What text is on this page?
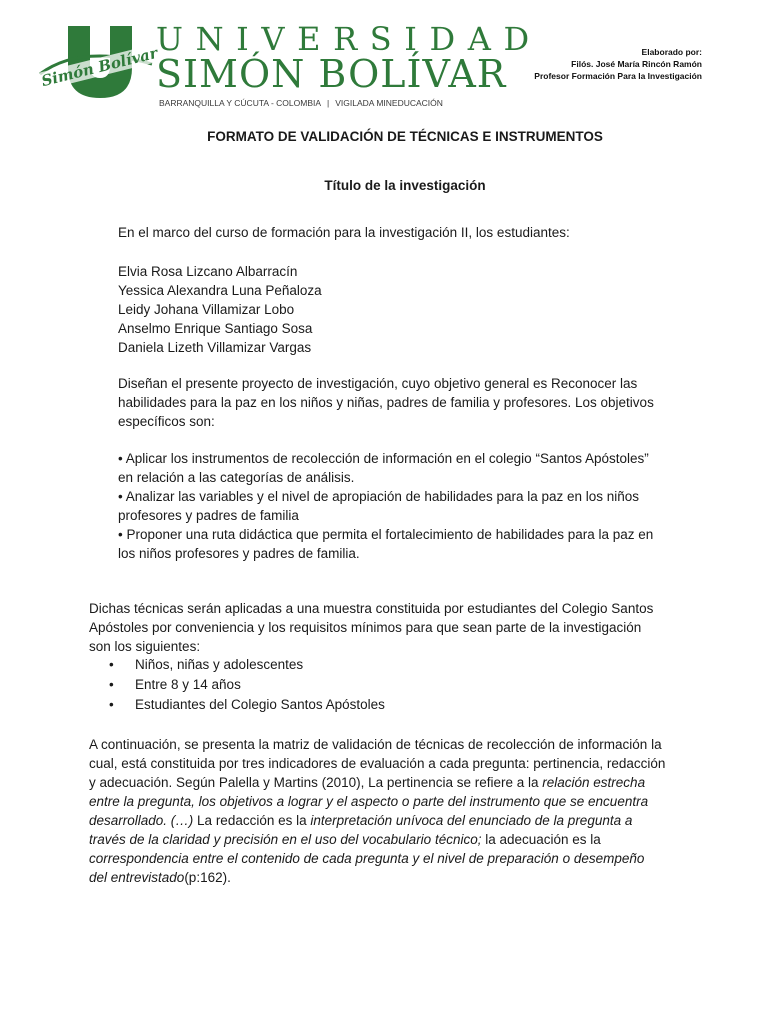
Simón Bolívar
UNIVERSIDAD
SIMÓN BOLÍVAR
BARRANQUILLA Y CÚCUTA - COLOMBIA | VIGILADA MINEDUCACIÓN
Elaborado por:
Filós. José María Rincón Ramón
Profesor Formación Para la Investigación
FORMATO DE VALIDACIÓN DE TÉCNICAS E INSTRUMENTOS
Título de la investigación
En el marco del curso de formación para la investigación II, los estudiantes:
Elvia Rosa Lizcano Albarracín
Yessica Alexandra Luna Peñaloza
Leidy Johana Villamizar Lobo
Anselmo Enrique Santiago Sosa
Daniela Lizeth Villamizar Vargas
Diseñan el presente proyecto de investigación, cuyo objetivo general es Reconocer las
habilidades para la paz en los niños y niñas, padres de familia y profesores. Los objetivos
específicos son:
• Aplicar los instrumentos de recolección de información en el colegio “Santos Apóstoles”
en relación a las categorías de análisis.
• Analizar las variables y el nivel de apropiación de habilidades para la paz en los niños
profesores y padres de familia
• Proponer una ruta didáctica que permita el fortalecimiento de habilidades para la paz en
los niños profesores y padres de familia.
Dichas técnicas serán aplicadas a una muestra constituida por estudiantes del Colegio Santos
Apóstoles por conveniencia y los requisitos mínimos para que sean parte de la investigación
son los siguientes:
• Niños, niñas y adolescentes
• Entre 8 y 14 años
• Estudiantes del Colegio Santos Apóstoles
A continuación, se presenta la matriz de validación de técnicas de recolección de información la
cual, está constituida por tres indicadores de evaluación a cada pregunta: pertinencia, redacción
y adecuación. Según Palella y Martins (2010), La pertinencia se refiere a la relación estrecha
entre la pregunta, los objetivos a lograr y el aspecto o parte del instrumento que se encuentra
desarrollado. (…) La redacción es la interpretación unívoca del enunciado de la pregunta a
través de la claridad y precisión en el uso del vocabulario técnico; la adecuación es la
correspondencia entre el contenido de cada pregunta y el nivel de preparación o desempeño
del entrevistado(p:162).
